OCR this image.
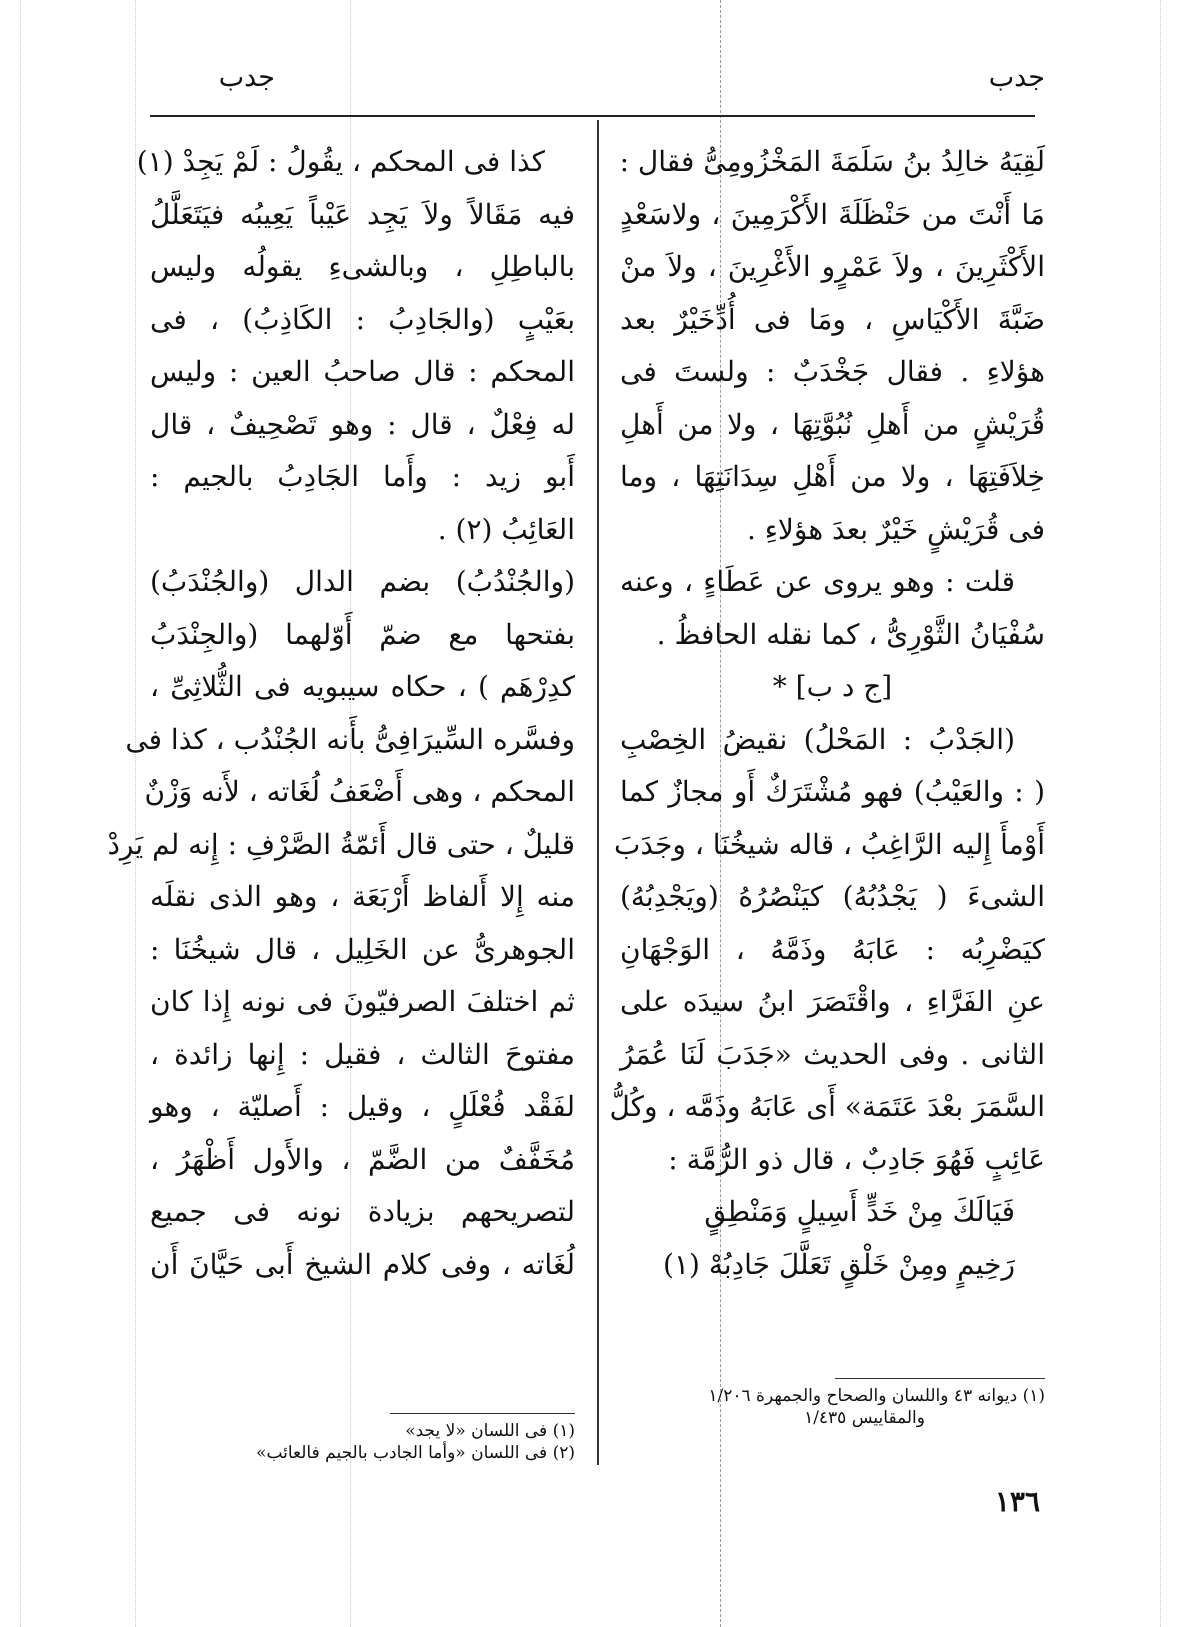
جدب
جدب
لَقِيَهُ خالِدُ بنُ سَلَمَةَ المَخْزُومِىُّ فقال :
مَا أَنْتَ من حَنْظَلَةَ الأَكْرَمِينَ ، ولاسَعْدٍ
الأَكْثَرِينَ ، ولاَ عَمْرٍو الأَغْرِينَ ، ولاَ منْ
ضَبَّةَ الأَكْيَاسِ ، ومَا فى أُدِّخَيْرٌ بعد
هؤلاءِ . فقال جَخْدَبٌ : ولستَ فى
قُرَيْشٍ من أَهلِ نُبُوَّتِهَا ، ولا من أَهلِ
خِلاَفَتِهَا ، ولا من أَهْلِ سِدَانَتِهَا ، وما
فى قُرَيْشٍ خَيْرٌ بعدَ هؤلاءِ .
قلت : وهو يروى عن عَطَاءٍ ، وعنه
سُفْيَانُ الثَّوْرِىُّ ، كما نقله الحافظُ .
[ج د ب] *
(الجَدْبُ : المَحْلُ) نقيضُ الخِصْبِ
( : والعَيْبُ) فهو مُشْتَرَكٌ أَو مجازٌ كما
أَوْمأَ إِليه الرَّاغِبُ ، قاله شيخُنَا ، وجَدَبَ
الشىءَ ( يَجْدُبُهُ) كيَنْصُرُهُ (ويَجْدِبُهُ)
كيَضْرِبُه : عَابَهُ وذَمَّهُ ، الوَجْهَانِ
عنِ الفَرَّاءِ ، واقْتَصَرَ ابنُ سيدَه على
الثانى . وفى الحديث «جَدَبَ لَنَا عُمَرُ
السَّمَرَ بعْدَ عَتَمَة» أَى عَابَهُ وذَمَّه ، وكُلُّ
عَائِبٍ فَهُوَ جَادِبٌ ، قال ذو الرُّمَّة :
فَيَالَكَ مِنْ خَدٍّ أَسِيلٍ وَمَنْطِقٍ
رَخِيمٍ ومِنْ خَلْقٍ تَعَلَّلَ جَادِبُهْ (١)
كذا فى المحكم ، يقُولُ : لَمْ يَجِدْ (١)
فيه مَقَالاً ولاَ يَجِد عَيْباً يَعِيبُه فيَتَعَلَّلُ
بالباطِلِ ، وبالشىءِ يقولُه وليس
بعَيْبٍ (والجَادِبُ : الكَاذِبُ) ، فى
المحكم : قال صاحبُ العين : وليس
له فِعْلٌ ، قال : وهو تَصْحِيفٌ ، قال
أَبو زيد : وأَما الجَادِبُ بالجيم :
العَائِبُ (٢) .
(والجُنْدُبُ) بضم الدال (والجُنْدَبُ)
بفتحها مع ضمّ أَوّلهما (والجِنْدَبُ
كدِرْهَم ) ، حكاه سيبويه فى الثُّلاثِىِّ ،
وفسَّره السِّيرَافِىُّ بأَنه الجُنْدُب ، كذا فى
المحكم ، وهى أَضْعَفُ لُغَاته ، لأَنه وَزْنٌ
قليلٌ ، حتى قال أَئمّةُ الصَّرْفِ : إِنه لم يَرِدْ
منه إِلا أَلفاظ أَرْبَعَة ، وهو الذى نقلَه
الجوهرىُّ عن الخَلِيل ، قال شيخُنَا :
ثم اختلفَ الصرفيّونَ فى نونه إِذا كان
مفتوحَ الثالث ، فقيل : إِنها زائدة ،
لفَقْد فُعْلَلٍ ، وقيل : أَصليّة ، وهو
مُخَفَّفٌ من الضَّمّ ، والأَول أَظْهَرُ ،
لتصريحهم بزيادة نونه فى جميع
لُغَاته ، وفى كلام الشيخ أَبى حَيَّانَ أَن
(١) ديوانه ٤٣ واللسان والصحاح والجمهرة ١/٢٠٦
والمقاييس ١/٤٣٥
(١) فى اللسان «لا يجد»
(٢) فى اللسان «وأما الجادب بالجيم فالعائب»
١٣٦
